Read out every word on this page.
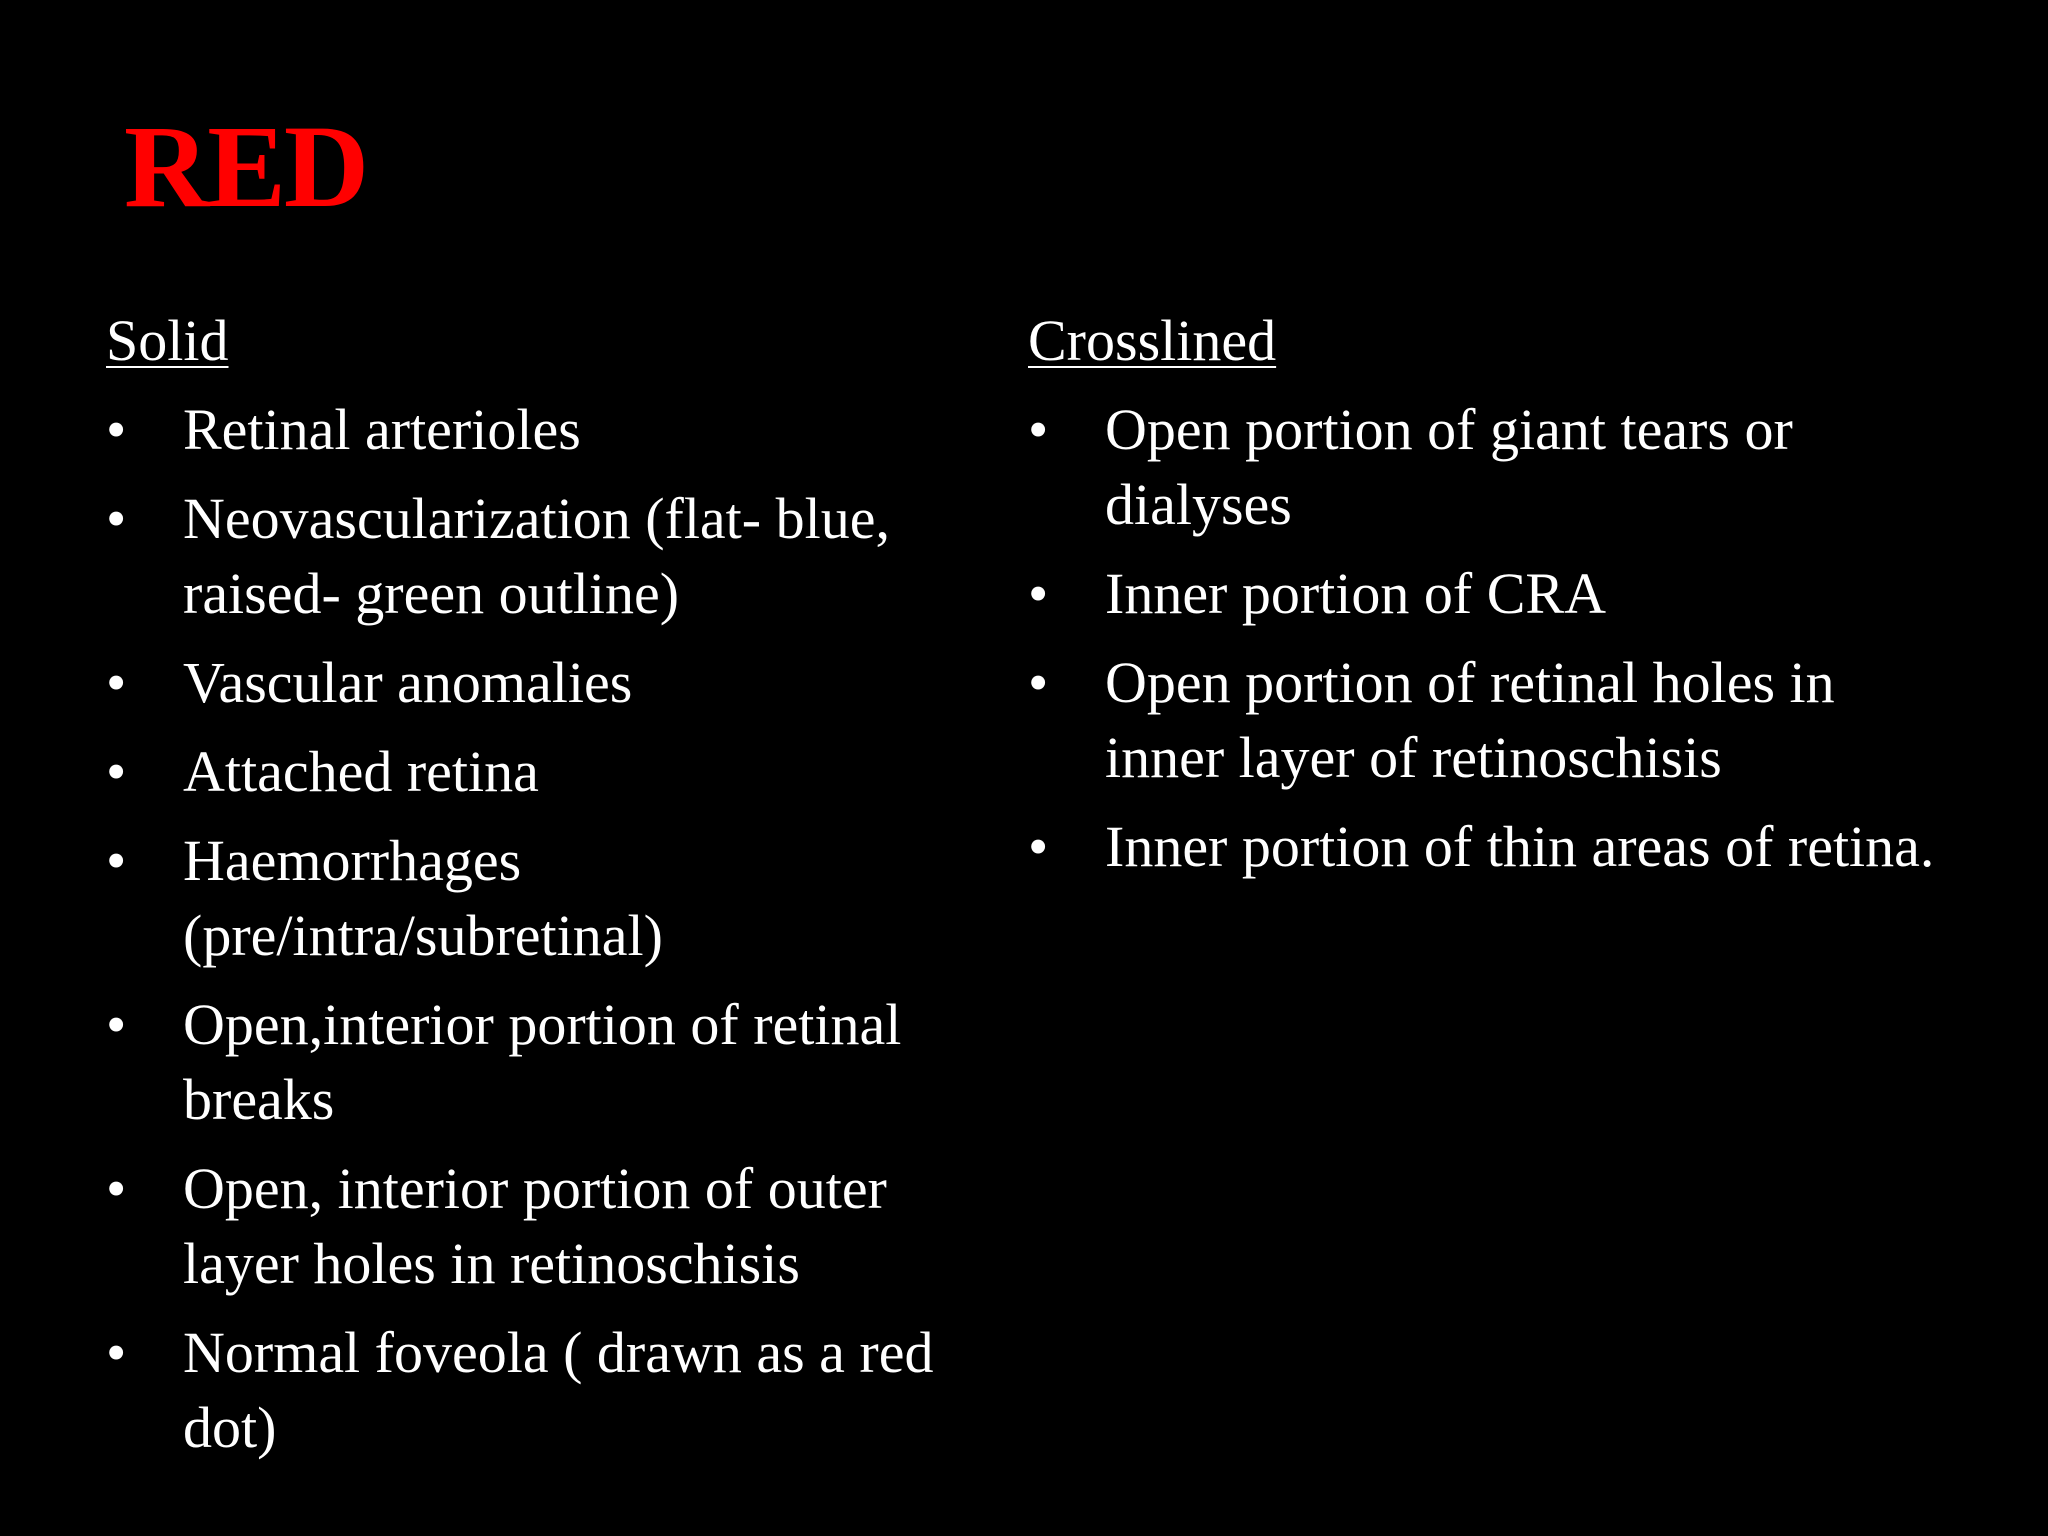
RED
Solid
• Retinal arterioles
• Neovascularization (flat- blue, raised- green outline)
• Vascular anomalies
• Attached retina
• Haemorrhages (pre/intra/subretinal)
• Open,interior portion of retinal breaks
• Open, interior portion of outer layer holes in retinoschisis
• Normal foveola ( drawn as a red dot)
Crosslined
• Open portion of giant tears or dialyses
• Inner portion of CRA
• Open portion of retinal holes in inner layer of retinoschisis
• Inner portion of thin areas of retina.
